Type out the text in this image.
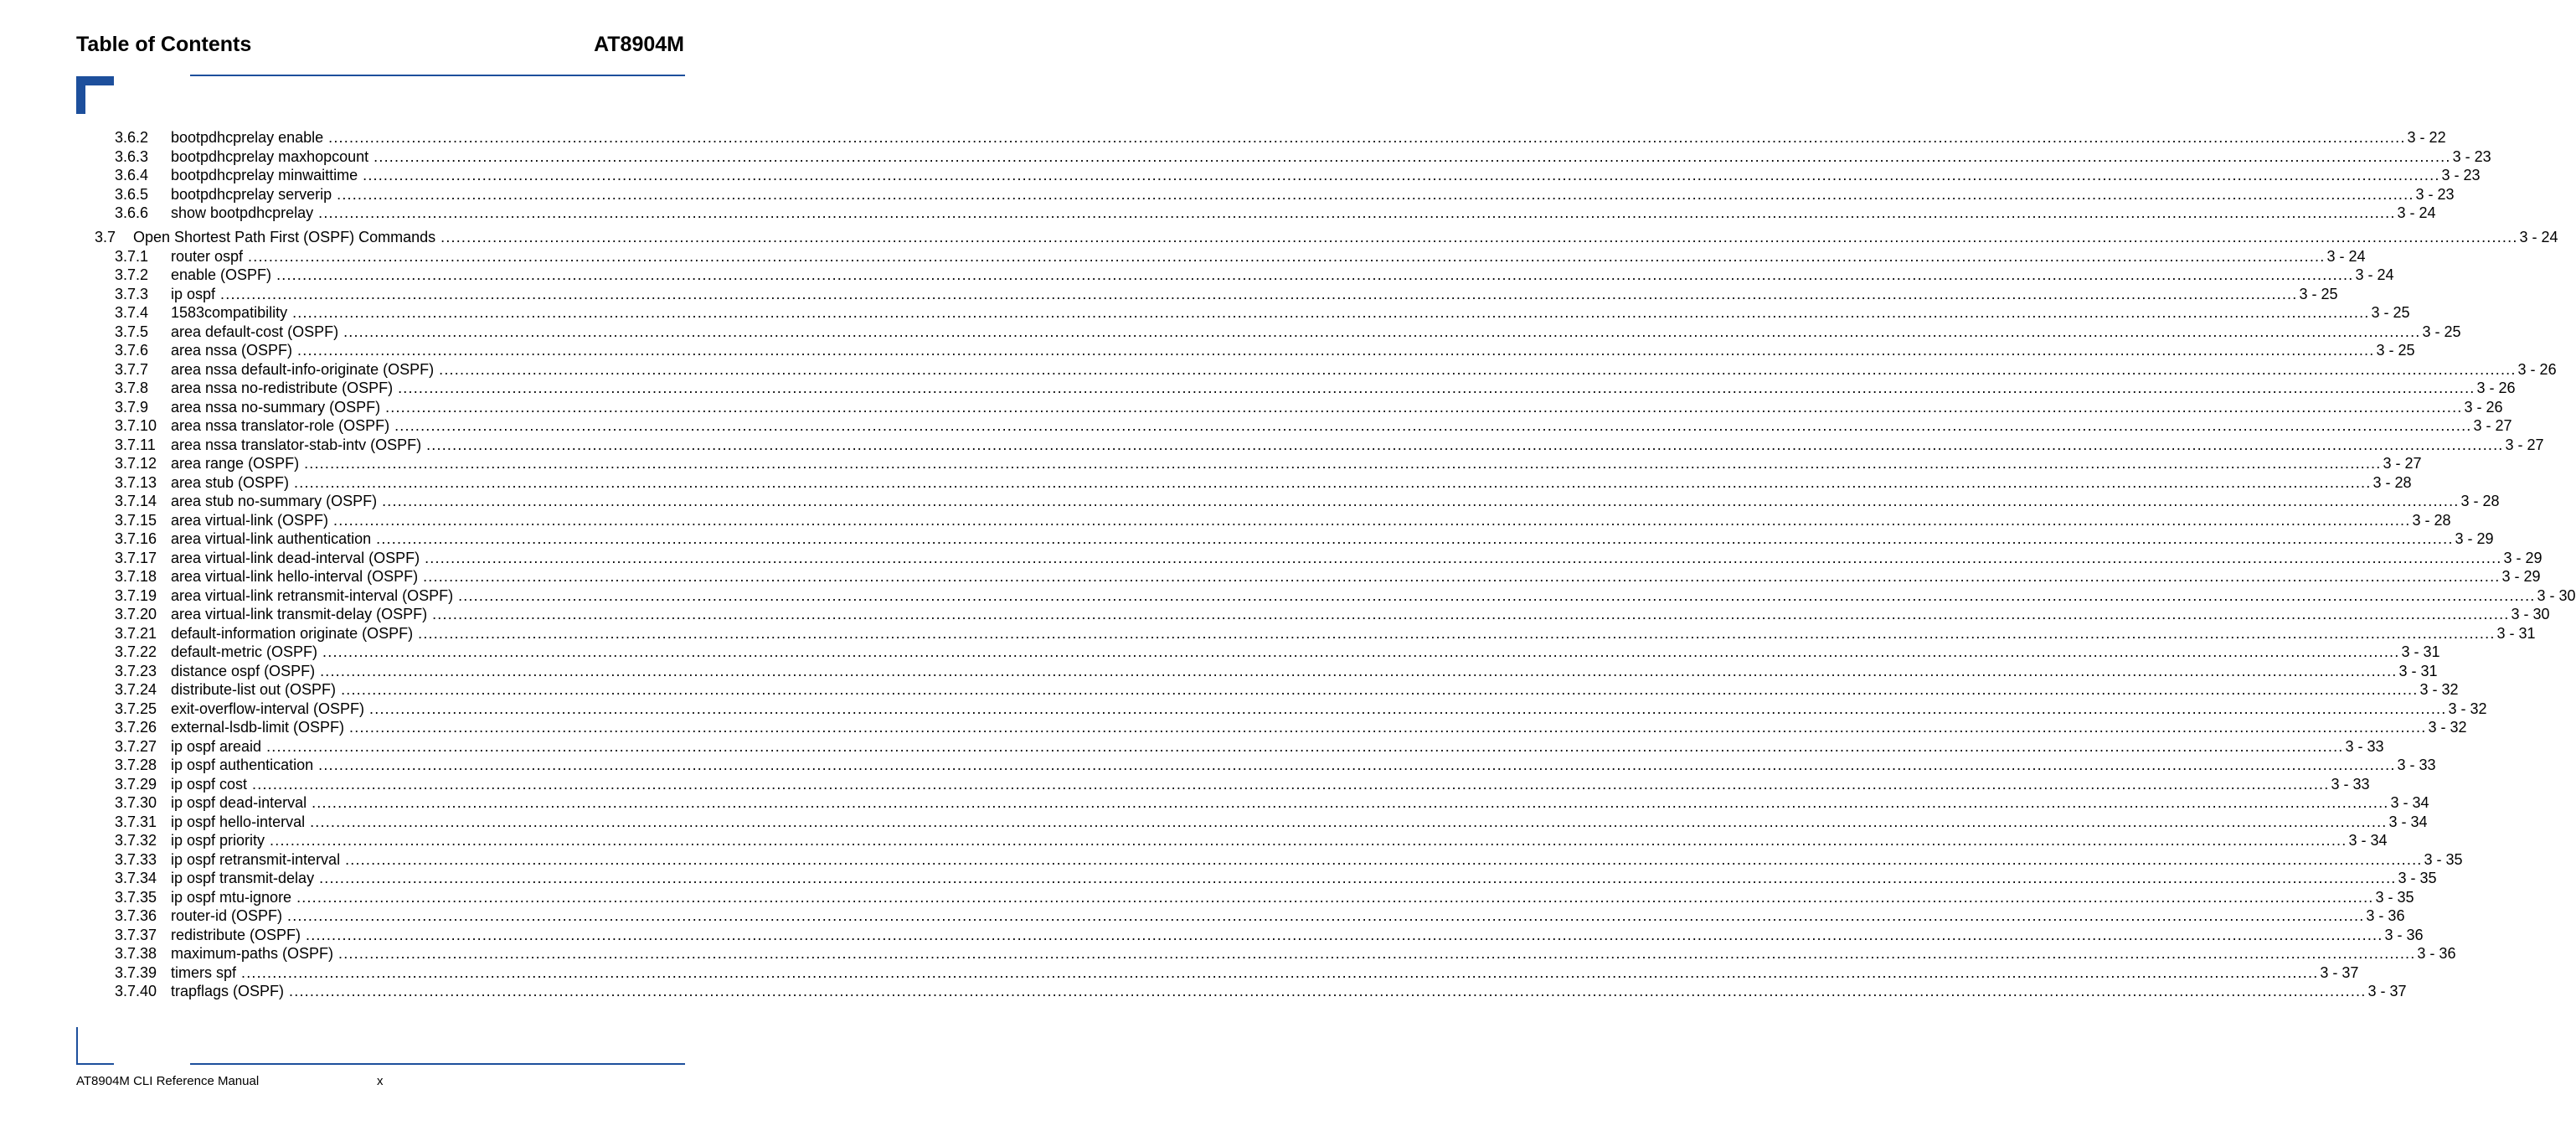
Table of Contents	AT8904M
3.6.2 bootpdhcprelay enable ................................................................................................................................................................................................................................................................................................................................................................................................................ 3 - 22
3.6.3 bootpdhcprelay maxhopcount ................................................................................................................................................................................................................................................................................................................................................................................................................ 3 - 23
3.6.4 bootpdhcprelay minwaittime ................................................................................................................................................................................................................................................................................................................................................................................................................ 3 - 23
3.6.5 bootpdhcprelay serverip ................................................................................................................................................................................................................................................................................................................................................................................................................ 3 - 23
3.6.6 show bootpdhcprelay ................................................................................................................................................................................................................................................................................................................................................................................................................ 3 - 24
3.7 Open Shortest Path First (OSPF) Commands ................................................................................................................................................................................................................................................................................................................................................................................................................ 3 - 24
3.7.1 router ospf ................................................................................................................................................................................................................................................................................................................................................................................................................ 3 - 24
3.7.2 enable (OSPF) ................................................................................................................................................................................................................................................................................................................................................................................................................ 3 - 24
3.7.3 ip ospf ................................................................................................................................................................................................................................................................................................................................................................................................................ 3 - 25
3.7.4 1583compatibility ................................................................................................................................................................................................................................................................................................................................................................................................................ 3 - 25
3.7.5 area default-cost (OSPF) ................................................................................................................................................................................................................................................................................................................................................................................................................ 3 - 25
3.7.6 area nssa (OSPF) ................................................................................................................................................................................................................................................................................................................................................................................................................ 3 - 25
3.7.7 area nssa default-info-originate (OSPF) ................................................................................................................................................................................................................................................................................................................................................................................................................ 3 - 26
3.7.8 area nssa no-redistribute (OSPF) ................................................................................................................................................................................................................................................................................................................................................................................................................ 3 - 26
3.7.9 area nssa no-summary (OSPF) ................................................................................................................................................................................................................................................................................................................................................................................................................ 3 - 26
3.7.10 area nssa translator-role (OSPF) ................................................................................................................................................................................................................................................................................................................................................................................................................ 3 - 27
3.7.11 area nssa translator-stab-intv (OSPF) ................................................................................................................................................................................................................................................................................................................................................................................................................ 3 - 27
3.7.12 area range (OSPF) ................................................................................................................................................................................................................................................................................................................................................................................................................ 3 - 27
3.7.13 area stub (OSPF) ................................................................................................................................................................................................................................................................................................................................................................................................................ 3 - 28
3.7.14 area stub no-summary (OSPF) ................................................................................................................................................................................................................................................................................................................................................................................................................ 3 - 28
3.7.15 area virtual-link (OSPF) ................................................................................................................................................................................................................................................................................................................................................................................................................ 3 - 28
3.7.16 area virtual-link authentication ................................................................................................................................................................................................................................................................................................................................................................................................................ 3 - 29
3.7.17 area virtual-link dead-interval (OSPF) ................................................................................................................................................................................................................................................................................................................................................................................................................ 3 - 29
3.7.18 area virtual-link hello-interval (OSPF) ................................................................................................................................................................................................................................................................................................................................................................................................................ 3 - 29
3.7.19 area virtual-link retransmit-interval (OSPF) ................................................................................................................................................................................................................................................................................................................................................................................................................ 3 - 30
3.7.20 area virtual-link transmit-delay (OSPF) ................................................................................................................................................................................................................................................................................................................................................................................................................ 3 - 30
3.7.21 default-information originate (OSPF) ................................................................................................................................................................................................................................................................................................................................................................................................................ 3 - 31
3.7.22 default-metric (OSPF) ................................................................................................................................................................................................................................................................................................................................................................................................................ 3 - 31
3.7.23 distance ospf (OSPF) ................................................................................................................................................................................................................................................................................................................................................................................................................ 3 - 31
3.7.24 distribute-list out (OSPF) ................................................................................................................................................................................................................................................................................................................................................................................................................ 3 - 32
3.7.25 exit-overflow-interval (OSPF) ................................................................................................................................................................................................................................................................................................................................................................................................................ 3 - 32
3.7.26 external-lsdb-limit (OSPF) ................................................................................................................................................................................................................................................................................................................................................................................................................ 3 - 32
3.7.27 ip ospf areaid ................................................................................................................................................................................................................................................................................................................................................................................................................ 3 - 33
3.7.28 ip ospf authentication ................................................................................................................................................................................................................................................................................................................................................................................................................ 3 - 33
3.7.29 ip ospf cost ................................................................................................................................................................................................................................................................................................................................................................................................................ 3 - 33
3.7.30 ip ospf dead-interval ................................................................................................................................................................................................................................................................................................................................................................................................................ 3 - 34
3.7.31 ip ospf hello-interval ................................................................................................................................................................................................................................................................................................................................................................................................................ 3 - 34
3.7.32 ip ospf priority ................................................................................................................................................................................................................................................................................................................................................................................................................ 3 - 34
3.7.33 ip ospf retransmit-interval ................................................................................................................................................................................................................................................................................................................................................................................................................ 3 - 35
3.7.34 ip ospf transmit-delay ................................................................................................................................................................................................................................................................................................................................................................................................................ 3 - 35
3.7.35 ip ospf mtu-ignore ................................................................................................................................................................................................................................................................................................................................................................................................................ 3 - 35
3.7.36 router-id (OSPF) ................................................................................................................................................................................................................................................................................................................................................................................................................ 3 - 36
3.7.37 redistribute (OSPF) ................................................................................................................................................................................................................................................................................................................................................................................................................ 3 - 36
3.7.38 maximum-paths (OSPF) ................................................................................................................................................................................................................................................................................................................................................................................................................ 3 - 36
3.7.39 timers spf ................................................................................................................................................................................................................................................................................................................................................................................................................ 3 - 37
3.7.40 trapflags (OSPF) ................................................................................................................................................................................................................................................................................................................................................................................................................ 3 - 37
AT8904M CLI Reference Manual	x
